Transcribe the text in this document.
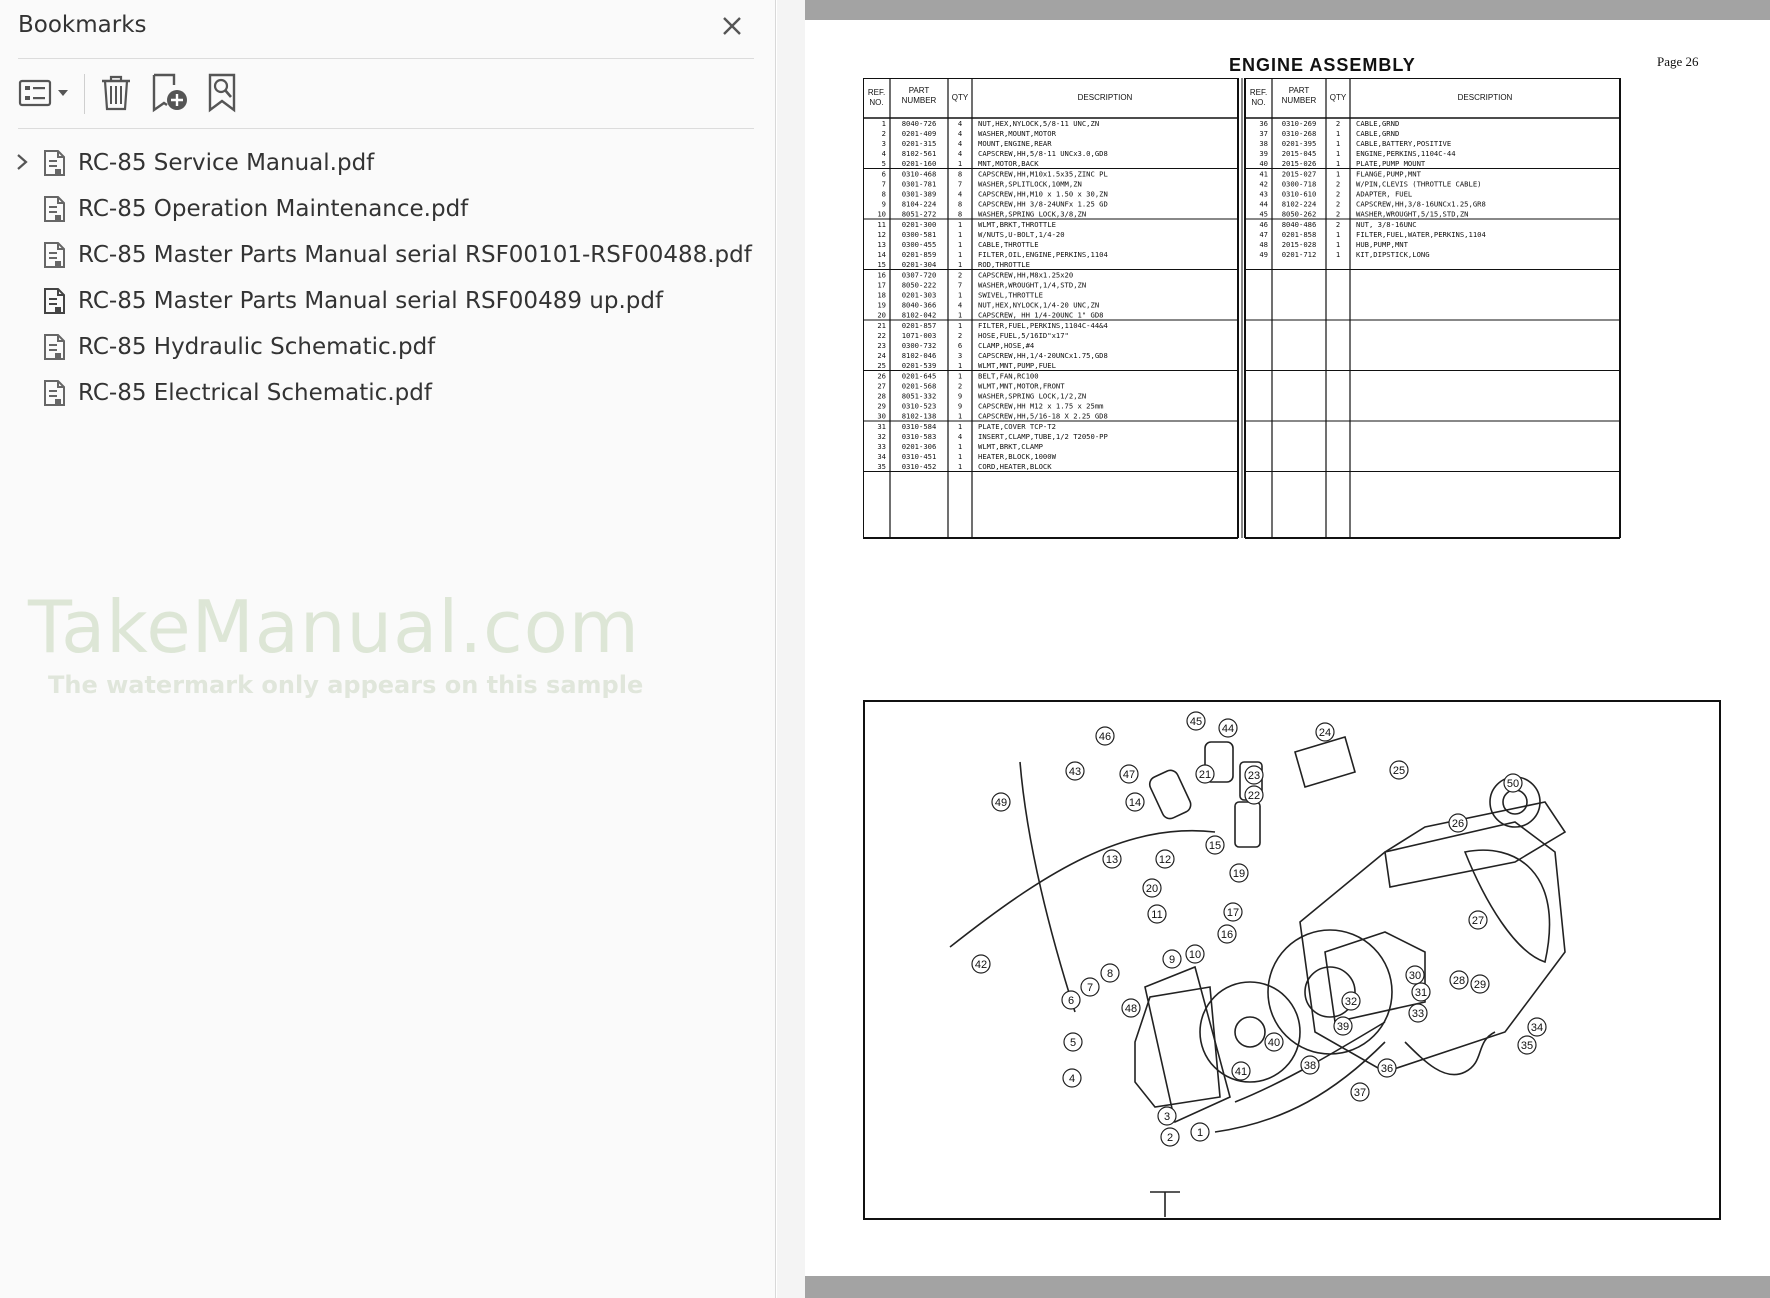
Bookmarks
RC-85 Service Manual.pdf
RC-85 Operation Maintenance.pdf
RC-85 Master Parts Manual serial RSF00101-RSF00488.pdf
RC-85 Master Parts Manual serial RSF00489 up.pdf
RC-85 Hydraulic Schematic.pdf
RC-85 Electrical Schematic.pdf
TakeManual.com
The watermark only appears on this sample
ENGINE ASSEMBLY	Page 26
REF.
NO.
PART
NUMBER QTY	DESCRIPTION
1 8040-726	4 NUT,HEX,NYLOCK,5/8-11 UNC,ZN
2 0201-409	4 WASHER,MOUNT,MOTOR
3 0201-315	4 MOUNT,ENGINE,REAR
4 8102-561	4 CAPSCREW,HH,5/8-11 UNCx3.0,GD8
5 0201-160	1 MNT,MOTOR,BACK
6 0310-468	8 CAPSCREW,HH,M10x1.5x35,ZINC PL
7 0301-781	7 WASHER,SPLITLOCK,10MM,ZN
8 0301-389	4 CAPSCREW,HH,M10 x 1.50 x 30,ZN
9 8104-224	8 CAPSCREW,HH 3/8-24UNFx 1.25 GD
10 8051-272	8 WASHER,SPRING LOCK,3/8,ZN
11 0201-300	1 WLMT,BRKT,THROTTLE
12 0300-581	1 W/NUTS,U-BOLT,1/4-20
13 0300-455	1 CABLE,THROTTLE
14 0201-859	1 FILTER,OIL,ENGINE,PERKINS,1104
15 0201-304	1 ROD,THROTTLE
16 0307-720	2 CAPSCREW,HH,M8x1.25x20
17 8050-222	7 WASHER,WROUGHT,1/4,STD,ZN
18 0201-303	1 SWIVEL,THROTTLE
19 8040-366	4 NUT,HEX,NYLOCK,1/4-20 UNC,ZN
20 8102-042	1 CAPSCREW, HH 1/4-20UNC 1" GD8
21 0201-857	1 FILTER,FUEL,PERKINS,1104C-44&4
22 1071-003	2 HOSE,FUEL,5/16ID"x17"
23 0300-732	6 CLAMP,HOSE,#4
24 8102-046	3 CAPSCREW,HH,1/4-20UNCx1.75,GD8
25 0201-539	1 WLMT,MNT,PUMP,FUEL
26 0201-645	1 BELT,FAN,RC100
27 0201-568	2 WLMT,MNT,MOTOR,FRONT
28 8051-332	9 WASHER,SPRING LOCK,1/2,ZN
29 0310-523	9 CAPSCREW,HH M12 x 1.75 x 25mm
30 8102-138	1 CAPSCREW,HH,5/16-18 X 2.25 GD8
31 0310-584	1 PLATE,COVER TCP-T2
32 0310-583	4 INSERT,CLAMP,TUBE,1/2 T2050-PP
33 0201-306	1 WLMT,BRKT,CLAMP
34 0310-451	1 HEATER,BLOCK,1000W
35 0310-452	1 CORD,HEATER,BLOCK
REF.
NO.
PART
NUMBER QTY	DESCRIPTION
36 0310-269	2 CABLE,GRND
37 0310-268	1 CABLE,GRND
38 0201-395	1 CABLE,BATTERY,POSITIVE
39 2015-045	1 ENGINE,PERKINS,1104C-44
40 2015-026	1 PLATE,PUMP MOUNT
41 2015-027	1 FLANGE,PUMP,MNT
42 0300-718	2 W/PIN,CLEVIS (THROTTLE CABLE)
43 0310-610	2 ADAPTER, FUEL
44 8102-224	2 CAPSCREW,HH,3/8-16UNCx1.25,GR8
45 8050-262	2 WASHER,WROUGHT,5/15,STD,ZN
46 8040-486	2 NUT, 3/8-16UNC
47 0201-858	1 FILTER,FUEL,WATER,PERKINS,1104
48 2015-028	1 HUB,PUMP,MNT
49 0201-712	1 KIT,DIPSTICK,LONG
1
2
3
4
5
6
7
8
9 10
11
12
13
14
15
16
17
19
20
21
22
23
24
25
26
27
28 29
30
31
32
33
34
35
36
37
38
39
40
41
42
43
44
45
46
47
48
49
50
